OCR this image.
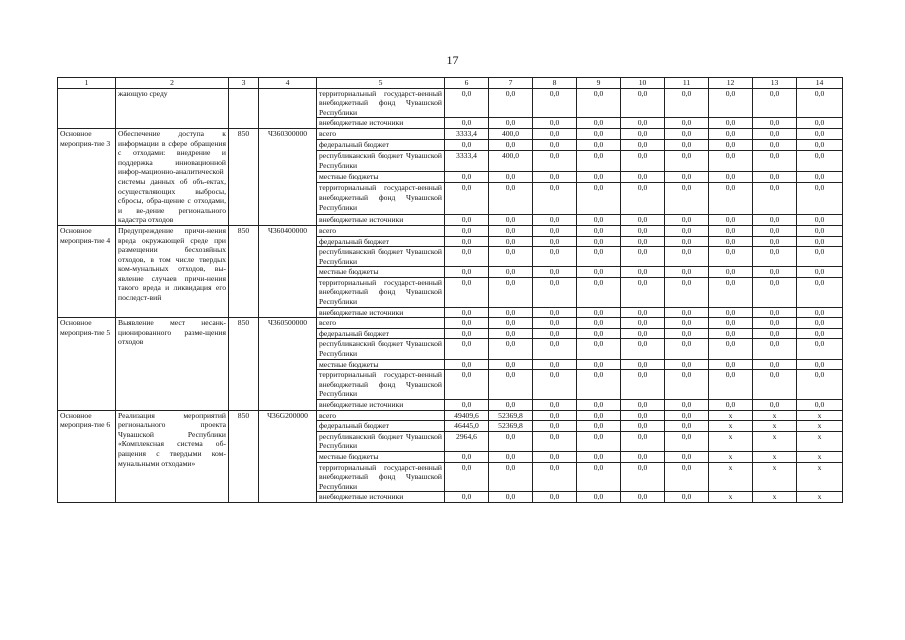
17
1	2	3	4	5	6	7	8	9	10	11	12	13	14
	жающую среду			территориальный государст-венный внебюджетный фонд Чувашской Республики	0,0	0,0	0,0	0,0	0,0	0,0	0,0	0,0	0,0
				внебюджетные источники	0,0	0,0	0,0	0,0	0,0	0,0	0,0	0,0	0,0
Основное мероприя-тие 3	Обеспечение доступа к информации в сфере обращения с отходами: внедрение и поддержка инновационной инфор-мационно-аналитической системы данных об объ-ектах, осуществляющих выбросы, сбросы, обра-щение с отходами, и ве-дение регионального кадастра отходов	850	Ч360300000	всего	3333,4	400,0	0,0	0,0	0,0	0,0	0,0	0,0	0,0
				федеральный бюджет	0,0	0,0	0,0	0,0	0,0	0,0	0,0	0,0	0,0
				республиканский бюджет Чувашской Республики	3333,4	400,0	0,0	0,0	0,0	0,0	0,0	0,0	0,0
				местные бюджеты	0,0	0,0	0,0	0,0	0,0	0,0	0,0	0,0	0,0
				территориальный государст-венный внебюджетный фонд Чувашской Республики	0,0	0,0	0,0	0,0	0,0	0,0	0,0	0,0	0,0
				внебюджетные источники	0,0	0,0	0,0	0,0	0,0	0,0	0,0	0,0	0,0
Основное мероприя-тие 4	Предупреждение причи-нения вреда окружающей среде при размещении бесхозяйных отходов, в том числе твердых ком-мунальных отходов, вы-явление случаев причи-нения такого вреда и ликвидация его последст-вий	850	Ч360400000	всего	0,0	0,0	0,0	0,0	0,0	0,0	0,0	0,0	0,0
				федеральный бюджет	0,0	0,0	0,0	0,0	0,0	0,0	0,0	0,0	0,0
				республиканский бюджет Чувашской Республики	0,0	0,0	0,0	0,0	0,0	0,0	0,0	0,0	0,0
				местные бюджеты	0,0	0,0	0,0	0,0	0,0	0,0	0,0	0,0	0,0
				территориальный государст-венный внебюджетный фонд Чувашской Республики	0,0	0,0	0,0	0,0	0,0	0,0	0,0	0,0	0,0
				внебюджетные источники	0,0	0,0	0,0	0,0	0,0	0,0	0,0	0,0	0,0
Основное мероприя-тие 5	Выявление мест несанк-ционированного разме-щения отходов	850	Ч360500000	всего	0,0	0,0	0,0	0,0	0,0	0,0	0,0	0,0	0,0
				федеральный бюджет	0,0	0,0	0,0	0,0	0,0	0,0	0,0	0,0	0,0
				республиканский бюджет Чувашской Республики	0,0	0,0	0,0	0,0	0,0	0,0	0,0	0,0	0,0
				местные бюджеты	0,0	0,0	0,0	0,0	0,0	0,0	0,0	0,0	0,0
				территориальный государст-венный внебюджетный фонд Чувашской Республики	0,0	0,0	0,0	0,0	0,0	0,0	0,0	0,0	0,0
				внебюджетные источники	0,0	0,0	0,0	0,0	0,0	0,0	0,0	0,0	0,0
Основное мероприя-тие 6	Реализация мероприятий регионального проекта Чувашской Республики «Комплексная система об-ращения с твердыми ком-мунальными отходами»	850	Ч36G200000	всего	49409,6	52369,8	0,0	0,0	0,0	0,0	х	х	х
				федеральный бюджет	46445,0	52369,8	0,0	0,0	0,0	0,0	х	х	х
				республиканский бюджет Чувашской Республики	2964,6	0,0	0,0	0,0	0,0	0,0	х	х	х
				местные бюджеты	0,0	0,0	0,0	0,0	0,0	0,0	х	х	х
				территориальный государст-венный внебюджетный фонд Чувашской Республики	0,0	0,0	0,0	0,0	0,0	0,0	х	х	х
				внебюджетные источники	0,0	0,0	0,0	0,0	0,0	0,0	х	х	х
